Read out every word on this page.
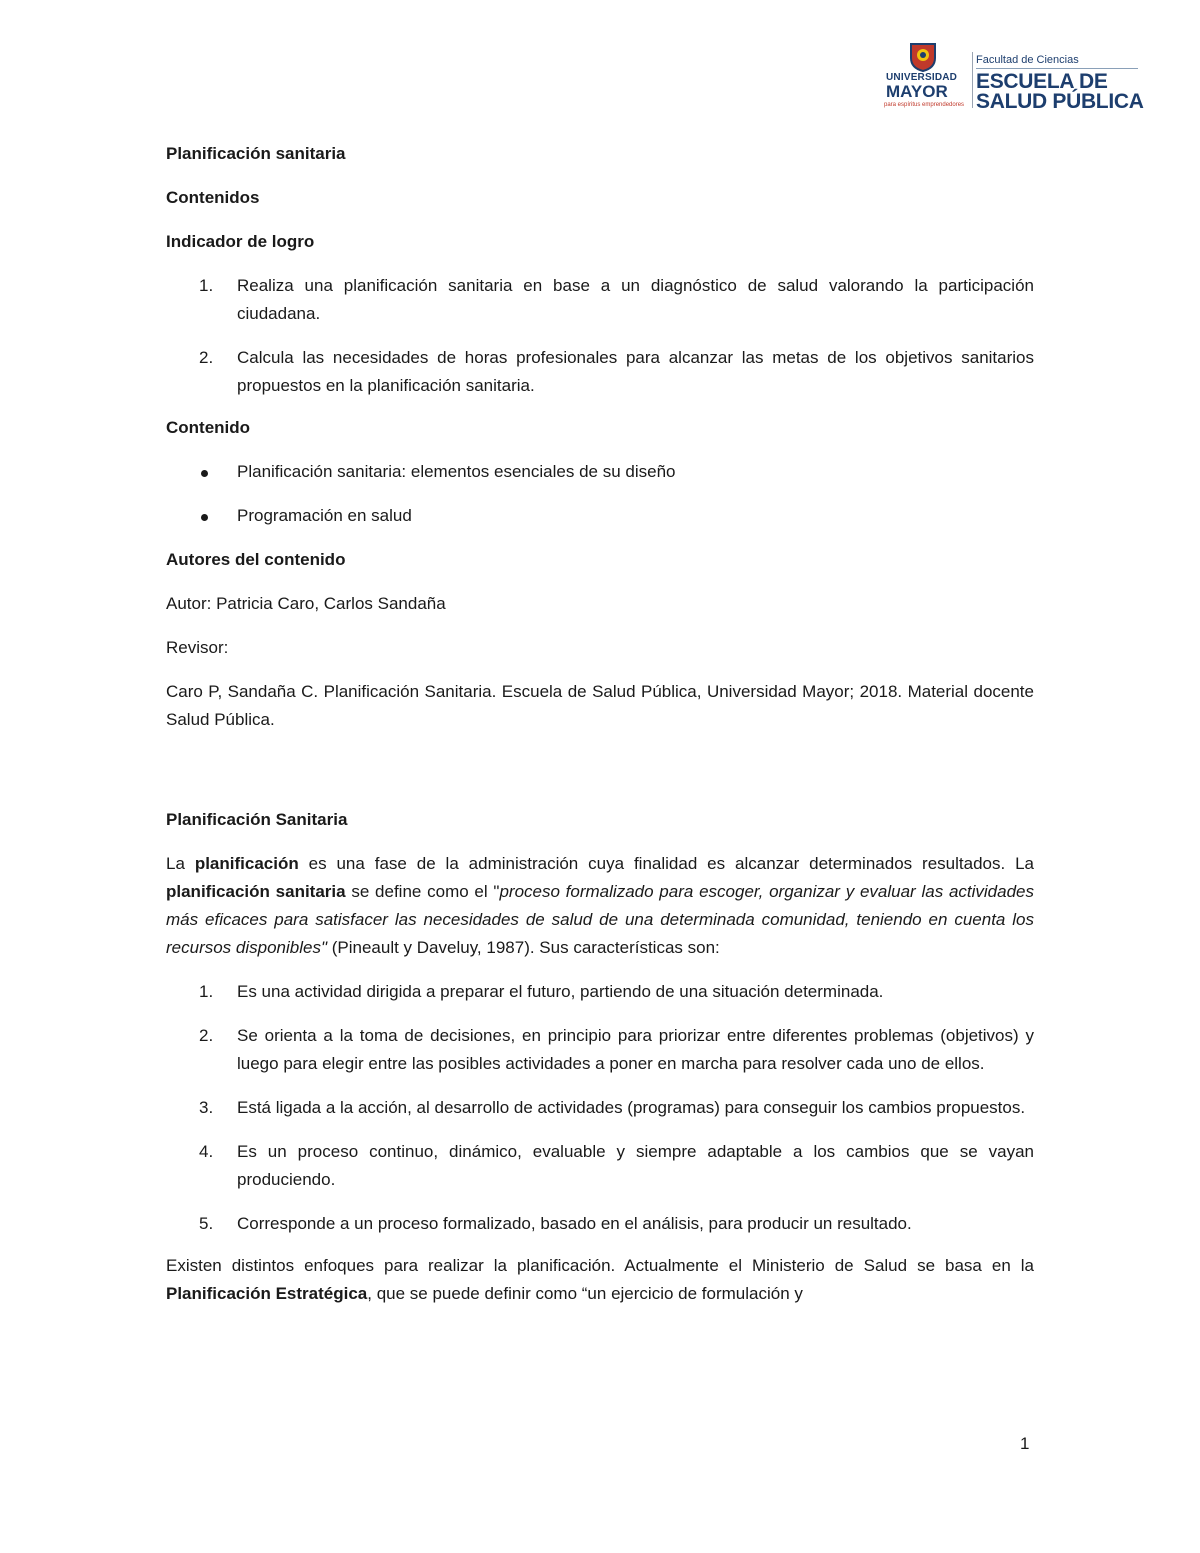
UNIVERSIDAD
MAYOR
para espíritus emprendedores
Facultad de Ciencias
ESCUELA DE
SALUD PÚBLICA

Planificación sanitaria

Contenidos

Indicador de logro

1. Realiza una planificación sanitaria en base a un diagnóstico de salud valorando la participación ciudadana.
2. Calcula las necesidades de horas profesionales para alcanzar las metas de los objetivos sanitarios propuestos en la planificación sanitaria.

Contenido

Planificación sanitaria: elementos esenciales de su diseño
Programación en salud

Autores del contenido

Autor: Patricia Caro, Carlos Sandaña

Revisor:

Caro P, Sandaña C. Planificación Sanitaria. Escuela de Salud Pública, Universidad Mayor; 2018. Material docente Salud Pública.

Planificación Sanitaria

La planificación es una fase de la administración cuya finalidad es alcanzar determinados resultados. La planificación sanitaria se define como el "proceso formalizado para escoger, organizar y evaluar las actividades más eficaces para satisfacer las necesidades de salud de una determinada comunidad, teniendo en cuenta los recursos disponibles" (Pineault y Daveluy, 1987). Sus características son:

1. Es una actividad dirigida a preparar el futuro, partiendo de una situación determinada.
2. Se orienta a la toma de decisiones, en principio para priorizar entre diferentes problemas (objetivos) y luego para elegir entre las posibles actividades a poner en marcha para resolver cada uno de ellos.
3. Está ligada a la acción, al desarrollo de actividades (programas) para conseguir los cambios propuestos.
4. Es un proceso continuo, dinámico, evaluable y siempre adaptable a los cambios que se vayan produciendo.
5. Corresponde a un proceso formalizado, basado en el análisis, para producir un resultado.

Existen distintos enfoques para realizar la planificación. Actualmente el Ministerio de Salud se basa en la Planificación Estratégica, que se puede definir como “un ejercicio de formulación y

1
